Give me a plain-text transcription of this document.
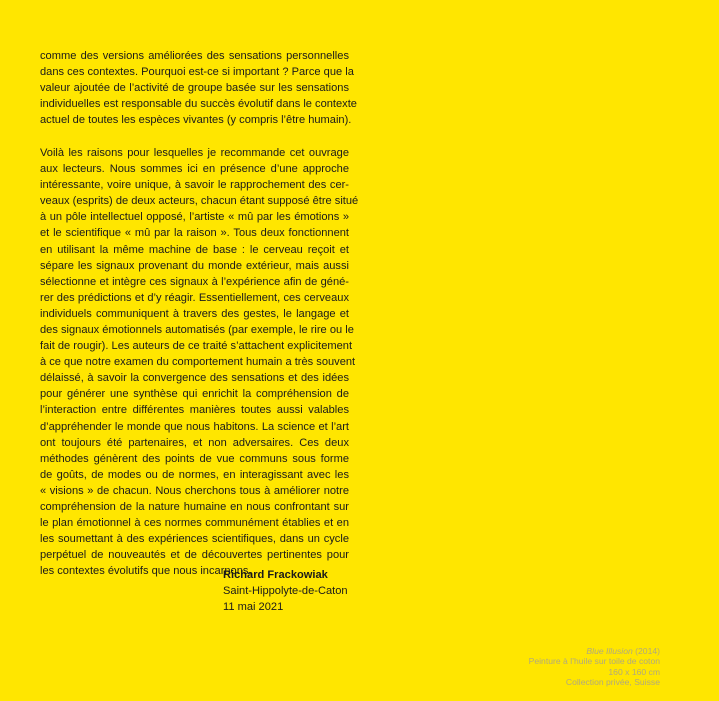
comme des versions améliorées des sensations personnelles
dans ces contextes. Pourquoi est-ce si important ? Parce que la
valeur ajoutée de l’activité de groupe basée sur les sensations
individuelles est responsable du succès évolutif dans le contexte
actuel de toutes les espèces vivantes (y compris l’être humain).

Voilà les raisons pour lesquelles je recommande cet ouvrage
aux lecteurs. Nous sommes ici en présence d’une approche
intéressante, voire unique, à savoir le rapprochement des cer-
veaux (esprits) de deux acteurs, chacun étant supposé être situé
à un pôle intellectuel opposé, l’artiste « mû par les émotions »
et le scientifique « mû par la raison ». Tous deux fonctionnent
en utilisant la même machine de base : le cerveau reçoit et
sépare les signaux provenant du monde extérieur, mais aussi
sélectionne et intègre ces signaux à l’expérience afin de géné-
rer des prédictions et d’y réagir. Essentiellement, ces cerveaux
individuels communiquent à travers des gestes, le langage et
des signaux émotionnels automatisés (par exemple, le rire ou le
fait de rougir). Les auteurs de ce traité s’attachent explicitement
à ce que notre examen du comportement humain a très souvent
délaissé, à savoir la convergence des sensations et des idées
pour générer une synthèse qui enrichit la compréhension de
l’interaction entre différentes manières toutes aussi valables
d’appréhender le monde que nous habitons. La science et l’art
ont toujours été partenaires, et non adversaires. Ces deux
méthodes génèrent des points de vue communs sous forme
de goûts, de modes ou de normes, en interagissant avec les
« visions » de chacun. Nous cherchons tous à améliorer notre
compréhension de la nature humaine en nous confrontant sur
le plan émotionnel à ces normes communément établies et en
les soumettant à des expériences scientifiques, dans un cycle
perpétuel de nouveautés et de découvertes pertinentes pour
les contextes évolutifs que nous incarnons.

Richard Frackowiak
Saint-Hippolyte-de-Caton
11 mai 2021
Blue Illusion (2014)
Peinture à l’huile sur toile de coton
160 x 160 cm
Collection privée, Suisse
